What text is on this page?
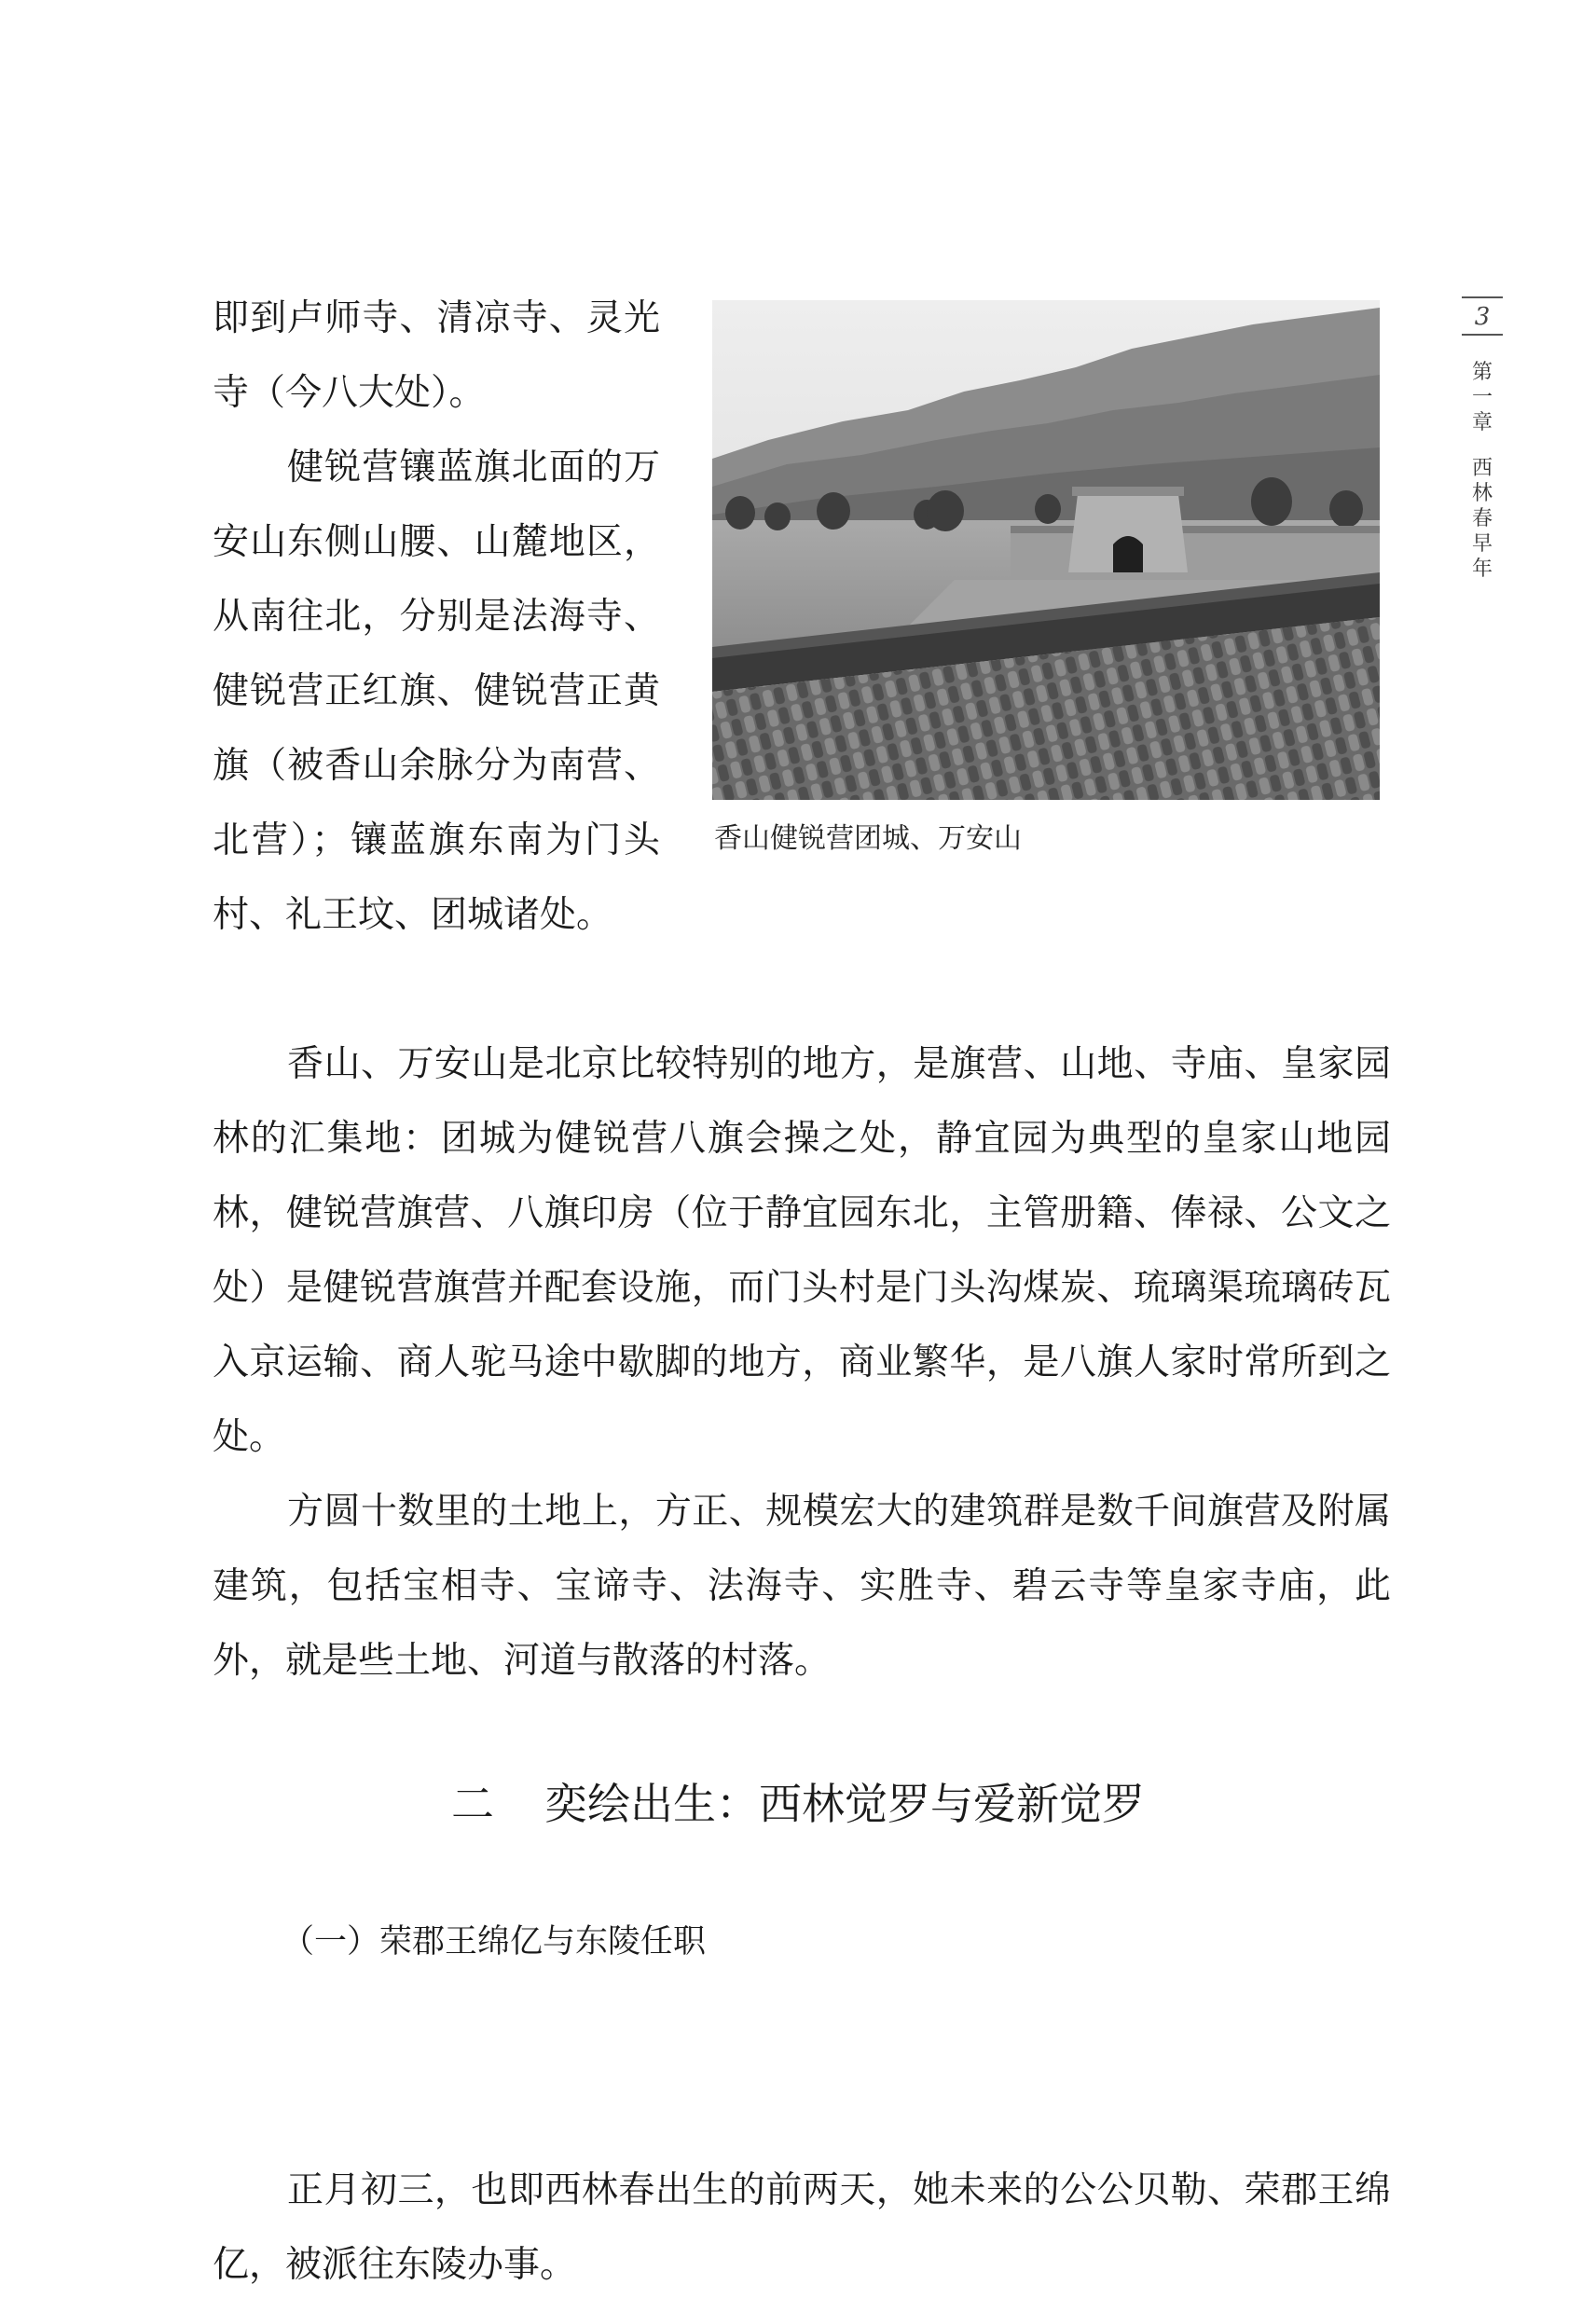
3
第
一
章
西
林
春
早
年

即到卢师寺、清凉寺、灵光寺（今八大处）。

健锐营镶蓝旗北面的万安山东侧山腰、山麓地区，从南往北，分别是法海寺、健锐营正红旗、健锐营正黄旗（被香山余脉分为南营、北营）；镶蓝旗东南为门头村、礼王坟、团城诸处。

香山健锐营团城、万安山

香山、万安山是北京比较特别的地方，是旗营、山地、寺庙、皇家园林的汇集地：团城为健锐营八旗会操之处，静宜园为典型的皇家山地园林，健锐营旗营、八旗印房（位于静宜园东北，主管册籍、俸禄、公文之处）是健锐营旗营并配套设施，而门头村是门头沟煤炭、琉璃渠琉璃砖瓦入京运输、商人驼马途中歇脚的地方，商业繁华，是八旗人家时常所到之处。

方圆十数里的土地上，方正、规模宏大的建筑群是数千间旗营及附属建筑，包括宝相寺、宝谛寺、法海寺、实胜寺、碧云寺等皇家寺庙，此外，就是些土地、河道与散落的村落。

二 奕绘出生：西林觉罗与爱新觉罗
（一）荣郡王绵亿与东陵任职

正月初三，也即西林春出生的前两天，她未来的公公贝勒、荣郡王绵亿，被派往东陵办事。
